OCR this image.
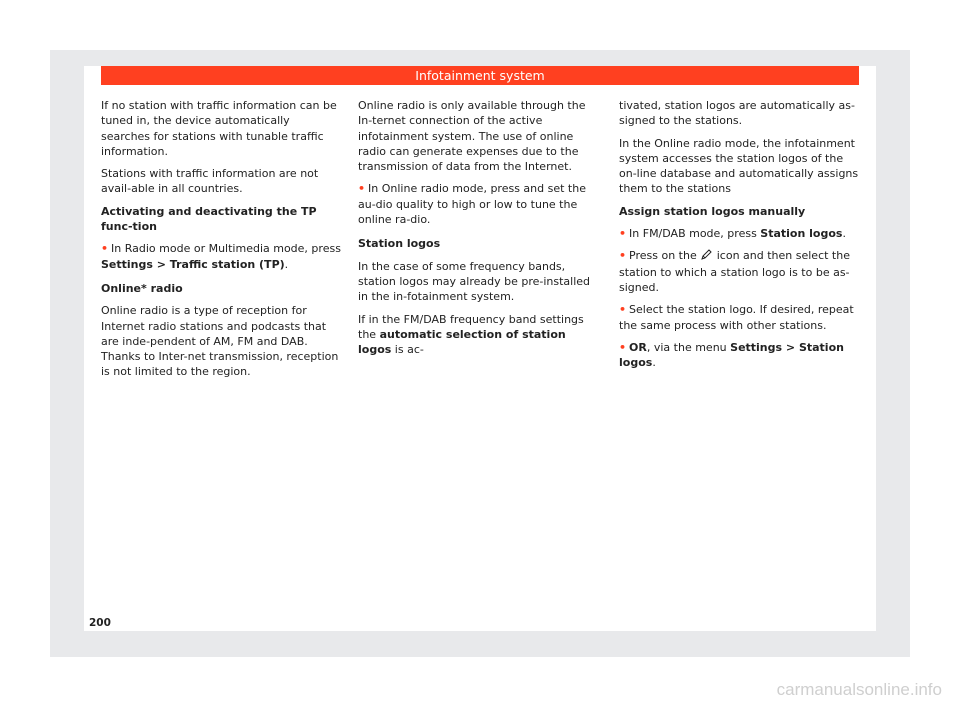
Infotainment system

If no station with traffic information can be tuned in, the device automatically searches for stations with tunable traffic information.

Stations with traffic information are not avail-able in all countries.

Activating and deactivating the TP func-tion

• In Radio mode or Multimedia mode, press Settings > Traffic station (TP).

Online* radio

Online radio is a type of reception for Internet radio stations and podcasts that are inde-pendent of AM, FM and DAB. Thanks to Inter-net transmission, reception is not limited to the region.

Online radio is only available through the In-ternet connection of the active infotainment system. The use of online radio can generate expenses due to the transmission of data from the Internet.

• In Online radio mode, press and set the au-dio quality to high or low to tune the online ra-dio.

Station logos

In the case of some frequency bands, station logos may already be pre-installed in the in-fotainment system.

If in the FM/DAB frequency band settings the automatic selection of station logos is ac-

tivated, station logos are automatically as-signed to the stations.

In the Online radio mode, the infotainment system accesses the station logos of the on-line database and automatically assigns them to the stations

Assign station logos manually

• In FM/DAB mode, press Station logos.

• Press on the  icon and then select the station to which a station logo is to be as-signed.

• Select the station logo. If desired, repeat the same process with other stations.

• OR, via the menu Settings > Station logos.

200
carmanualsonline.info
